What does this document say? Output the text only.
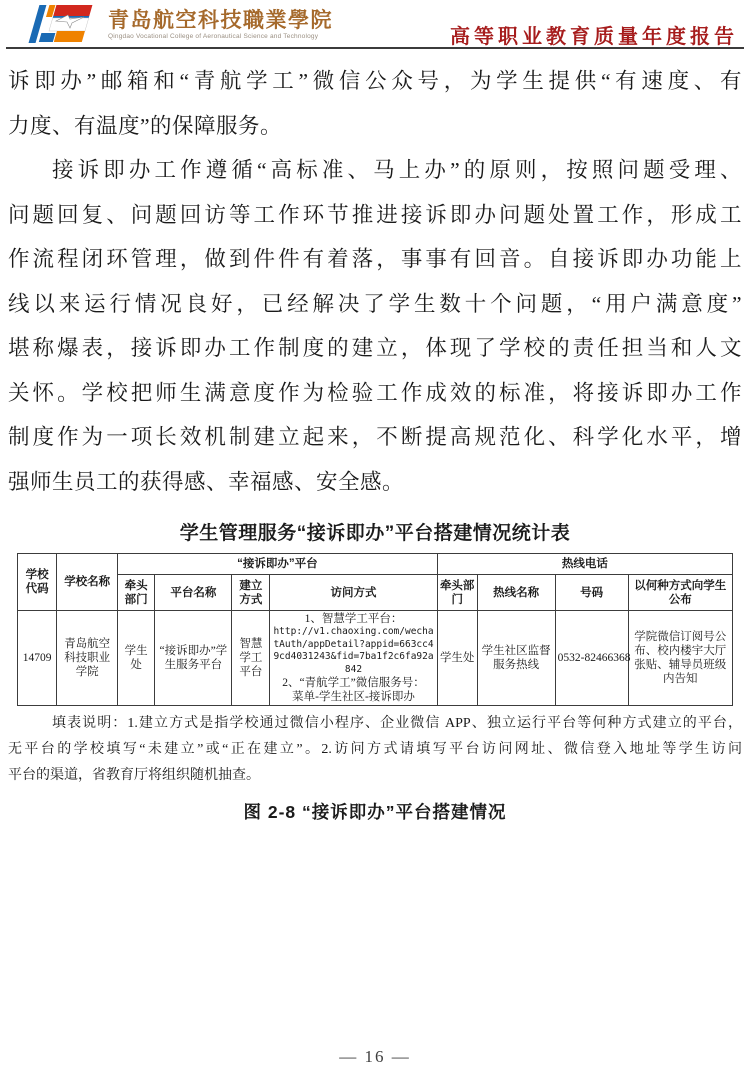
青岛航空科技職業學院
Qingdao Vocational College of Aeronautical Science and Technology	高等职业教育质量年度报告
诉即办”邮箱和“青航学工”微信公众号，为学生提供“有速度、有
力度、有温度”的保障服务。
接诉即办工作遵循“高标准、马上办”的原则，按照问题受理、
问题回复、问题回访等工作环节推进接诉即办问题处置工作，形成工
作流程闭环管理，做到件件有着落，事事有回音。自接诉即办功能上
线以来运行情况良好，已经解决了学生数十个问题，“用户满意度”
堪称爆表，接诉即办工作制度的建立，体现了学校的责任担当和人文
关怀。学校把师生满意度作为检验工作成效的标准，将接诉即办工作
制度作为一项长效机制建立起来，不断提高规范化、科学化水平，增
强师生员工的获得感、幸福感、安全感。
学生管理服务“接诉即办”平台搭建情况统计表
学校代码	学校名称	“接诉即办”平台				热线电话			
		牵头部门	平台名称	建立方式	访问方式	牵头部门	热线名称	号码	以何种方式向学生公布
14709	青岛航空科技职业学院	学生处	“接诉即办”学生服务平台	智慧学工平台	1、智慧学工平台：
http://v1.chaoxing.com/wechatAuth/appDetail?appid=663cc49cd4031243&fid=7ba1f2c6fa92a842
2、“青航学工”微信服务号：
菜单-学生社区-接诉即办	学生处	学生社区监督服务热线	0532-82466368	学院微信订阅号公布、校内楼宇大厅张贴、辅导员班级内告知
填表说明：1.建立方式是指学校通过微信小程序、企业微信 APP、独立运行平台等何种方式建立的平台，
无平台的学校填写“未建立”或“正在建立”。2.访问方式请填写平台访问网址、微信登入地址等学生访问
平台的渠道，省教育厅将组织随机抽查。
图 2-8 “接诉即办”平台搭建情况
— 16 —
